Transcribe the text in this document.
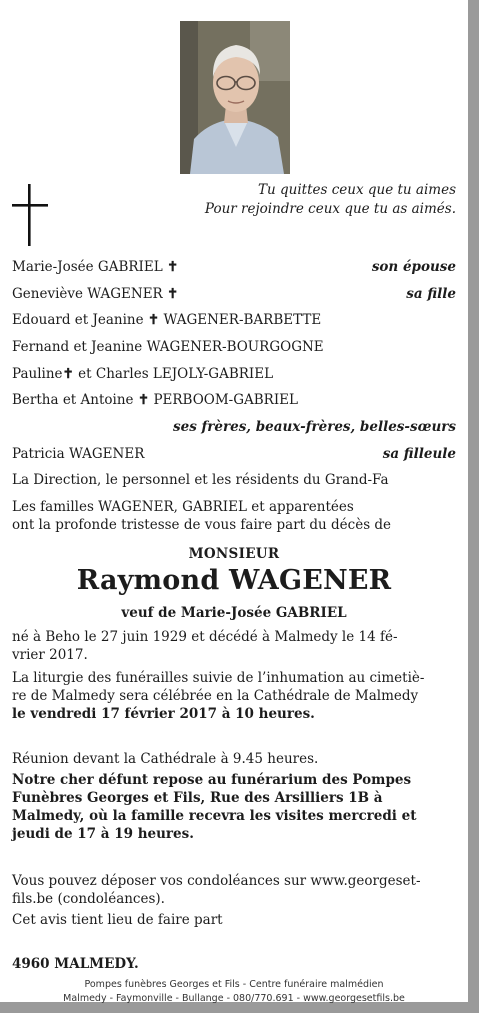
Tu quittes ceux que tu aimes
Pour rejoindre ceux que tu as aimés.
Marie-Josée GABRIEL ✝	son épouse
Geneviève WAGENER ✝	sa fille
Edouard et Jeanine ✝ WAGENER-BARBETTE
Fernand et Jeanine WAGENER-BOURGOGNE
Pauline✝ et Charles LEJOLY-GABRIEL
Bertha et Antoine ✝ PERBOOM-GABRIEL
ses frères, beaux-frères, belles-sœurs
Patricia WAGENER	sa filleule
La Direction, le personnel et les résidents du Grand-Fa
Les familles WAGENER, GABRIEL et apparentées
ont la profonde tristesse de vous faire part du décès de
MONSIEUR
Raymond WAGENER
veuf de Marie-Josée GABRIEL
né à Beho le 27 juin 1929 et décédé à Malmedy le 14 fé-
vrier 2017.
La liturgie des funérailles suivie de l’inhumation au cimetiè-
re de Malmedy sera célébrée en la Cathédrale de Malmedy
le vendredi 17 février 2017 à 10 heures.
Réunion devant la Cathédrale à 9.45 heures.
Notre cher défunt repose au funérarium des Pompes
Funèbres Georges et Fils, Rue des Arsilliers 1B à
Malmedy, où la famille recevra les visites mercredi et
jeudi de 17 à 19 heures.
Vous pouvez déposer vos condoléances sur www.georgeset-
fils.be (condoléances).
Cet avis tient lieu de faire part
4960 MALMEDY.
Pompes funèbres Georges et Fils - Centre funéraire malmédien
Malmedy - Faymonville - Bullange - 080/770.691 - www.georgesetfils.be
